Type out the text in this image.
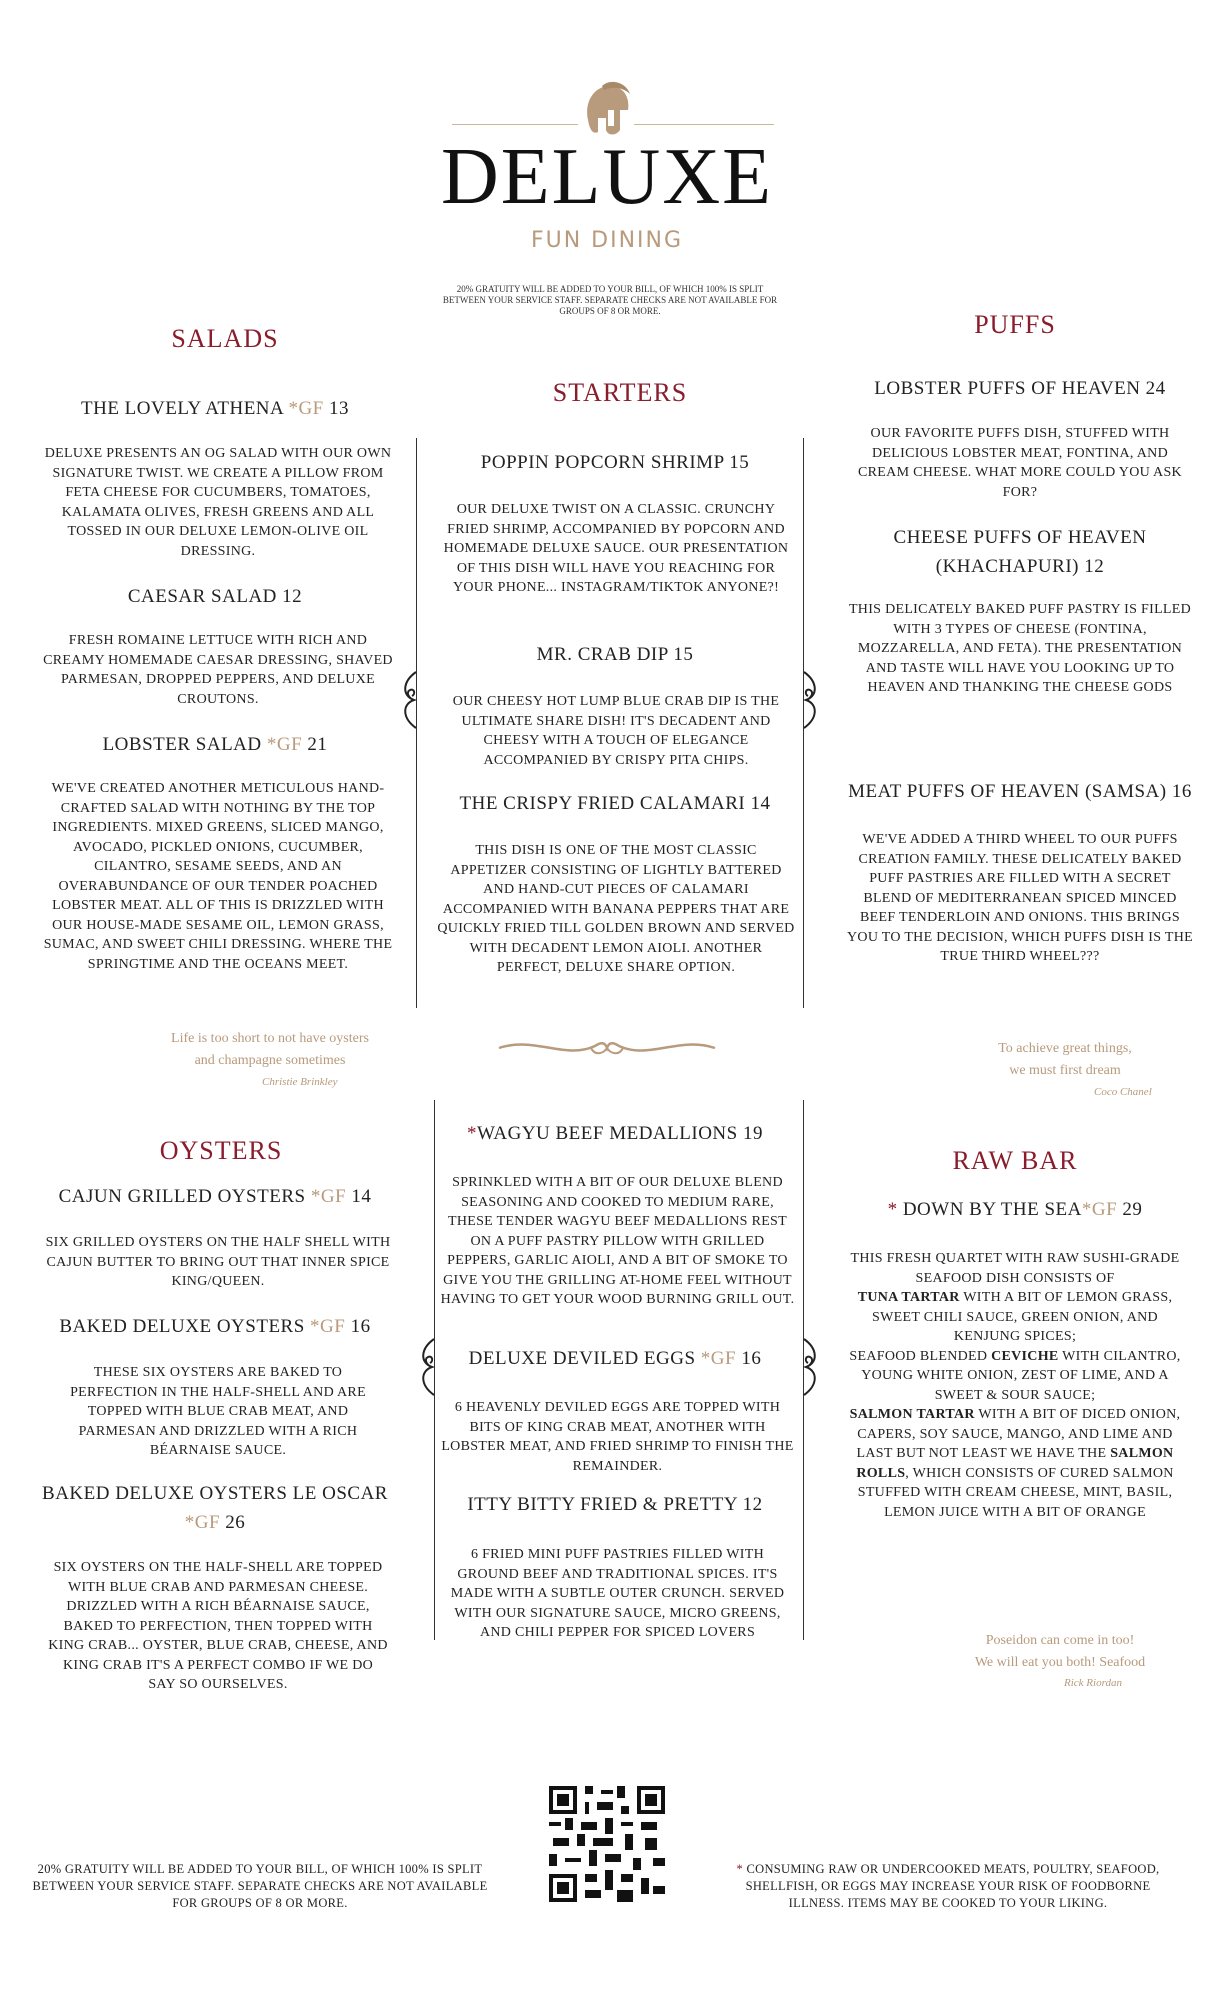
DELUXE
FUN DINING
20% GRATUITY WILL BE ADDED TO YOUR BILL, OF WHICH 100% IS SPLIT BETWEEN YOUR SERVICE STAFF. SEPARATE CHECKS ARE NOT AVAILABLE FOR GROUPS OF 8 OR MORE.
SALADS
THE LOVELY ATHENA *GF 13
DELUXE PRESENTS AN OG SALAD WITH OUR OWN SIGNATURE TWIST. WE CREATE A PILLOW FROM FETA CHEESE FOR CUCUMBERS, TOMATOES, KALAMATA OLIVES, FRESH GREENS AND ALL TOSSED IN OUR DELUXE LEMON-OLIVE OIL DRESSING.
CAESAR SALAD 12
FRESH ROMAINE LETTUCE WITH RICH AND CREAMY HOMEMADE CAESAR DRESSING, SHAVED PARMESAN, DROPPED PEPPERS, AND DELUXE CROUTONS.
LOBSTER SALAD *GF 21
WE'VE CREATED ANOTHER METICULOUS HAND-CRAFTED SALAD WITH NOTHING BY THE TOP INGREDIENTS. MIXED GREENS, SLICED MANGO, AVOCADO, PICKLED ONIONS, CUCUMBER, CILANTRO, SESAME SEEDS, AND AN OVERABUNDANCE OF OUR TENDER POACHED LOBSTER MEAT. ALL OF THIS IS DRIZZLED WITH OUR HOUSE-MADE SESAME OIL, LEMON GRASS, SUMAC, AND SWEET CHILI DRESSING. WHERE THE SPRINGTIME AND THE OCEANS MEET.
STARTERS
POPPIN POPCORN SHRIMP 15
OUR DELUXE TWIST ON A CLASSIC. CRUNCHY FRIED SHRIMP, ACCOMPANIED BY POPCORN AND HOMEMADE DELUXE SAUCE. OUR PRESENTATION OF THIS DISH WILL HAVE YOU REACHING FOR YOUR PHONE... INSTAGRAM/TIKTOK ANYONE?!
MR. CRAB DIP 15
OUR CHEESY HOT LUMP BLUE CRAB DIP IS THE ULTIMATE SHARE DISH! IT'S DECADENT AND CHEESY WITH A TOUCH OF ELEGANCE ACCOMPANIED BY CRISPY PITA CHIPS.
THE CRISPY FRIED CALAMARI 14
THIS DISH IS ONE OF THE MOST CLASSIC APPETIZER CONSISTING OF LIGHTLY BATTERED AND HAND-CUT PIECES OF CALAMARI ACCOMPANIED WITH BANANA PEPPERS THAT ARE QUICKLY FRIED TILL GOLDEN BROWN AND SERVED WITH DECADENT LEMON AIOLI. ANOTHER PERFECT, DELUXE SHARE OPTION.
PUFFS
LOBSTER PUFFS OF HEAVEN 24
OUR FAVORITE PUFFS DISH, STUFFED WITH DELICIOUS LOBSTER MEAT, FONTINA, AND CREAM CHEESE. WHAT MORE COULD YOU ASK FOR?
CHEESE PUFFS OF HEAVEN (KHACHAPURI) 12
THIS DELICATELY BAKED PUFF PASTRY IS FILLED WITH 3 TYPES OF CHEESE (FONTINA, MOZZARELLA, AND FETA). THE PRESENTATION AND TASTE WILL HAVE YOU LOOKING UP TO HEAVEN AND THANKING THE CHEESE GODS
MEAT PUFFS OF HEAVEN (SAMSA) 16
WE'VE ADDED A THIRD WHEEL TO OUR PUFFS CREATION FAMILY. THESE DELICATELY BAKED PUFF PASTRIES ARE FILLED WITH A SECRET BLEND OF MEDITERRANEAN SPICED MINCED BEEF TENDERLOIN AND ONIONS. THIS BRINGS YOU TO THE DECISION, WHICH PUFFS DISH IS THE TRUE THIRD WHEEL???
Life is too short to not have oysters
and champagne sometimes
Christie Brinkley
To achieve great things,
we must first dream
Coco Chanel
Poseidon can come in too!
We will eat you both! Seafood
Rick Riordan
OYSTERS
CAJUN GRILLED OYSTERS *GF 14
SIX GRILLED OYSTERS ON THE HALF SHELL WITH CAJUN BUTTER TO BRING OUT THAT INNER SPICE KING/QUEEN.
BAKED DELUXE OYSTERS *GF 16
THESE SIX OYSTERS ARE BAKED TO PERFECTION IN THE HALF-SHELL AND ARE TOPPED WITH BLUE CRAB MEAT, AND PARMESAN AND DRIZZLED WITH A RICH BÉARNAISE SAUCE.
BAKED DELUXE OYSTERS LE OSCAR *GF 26
SIX OYSTERS ON THE HALF-SHELL ARE TOPPED WITH BLUE CRAB AND PARMESAN CHEESE. DRIZZLED WITH A RICH BÉARNAISE SAUCE, BAKED TO PERFECTION, THEN TOPPED WITH KING CRAB... OYSTER, BLUE CRAB, CHEESE, AND KING CRAB IT'S A PERFECT COMBO IF WE DO SAY SO OURSELVES.
*WAGYU BEEF MEDALLIONS 19
SPRINKLED WITH A BIT OF OUR DELUXE BLEND SEASONING AND COOKED TO MEDIUM RARE, THESE TENDER WAGYU BEEF MEDALLIONS REST ON A PUFF PASTRY PILLOW WITH GRILLED PEPPERS, GARLIC AIOLI, AND A BIT OF SMOKE TO GIVE YOU THE GRILLING AT-HOME FEEL WITHOUT HAVING TO GET YOUR WOOD BURNING GRILL OUT.
DELUXE DEVILED EGGS *GF 16
6 HEAVENLY DEVILED EGGS ARE TOPPED WITH BITS OF KING CRAB MEAT, ANOTHER WITH LOBSTER MEAT, AND FRIED SHRIMP TO FINISH THE REMAINDER.
ITTY BITTY FRIED & PRETTY 12
6 FRIED MINI PUFF PASTRIES FILLED WITH GROUND BEEF AND TRADITIONAL SPICES. IT'S MADE WITH A SUBTLE OUTER CRUNCH. SERVED WITH OUR SIGNATURE SAUCE, MICRO GREENS, AND CHILI PEPPER FOR SPICED LOVERS
RAW BAR
* DOWN BY THE SEA*GF 29
THIS FRESH QUARTET WITH RAW SUSHI-GRADE SEAFOOD DISH CONSISTS OF
TUNA TARTAR WITH A BIT OF LEMON GRASS, SWEET CHILI SAUCE, GREEN ONION, AND KENJUNG SPICES;
SEAFOOD BLENDED CEVICHE WITH CILANTRO, YOUNG WHITE ONION, ZEST OF LIME, AND A SWEET & SOUR SAUCE;
SALMON TARTAR WITH A BIT OF DICED ONION, CAPERS, SOY SAUCE, MANGO, AND LIME AND LAST BUT NOT LEAST WE HAVE THE SALMON ROLLS, WHICH CONSISTS OF CURED SALMON STUFFED WITH CREAM CHEESE, MINT, BASIL, LEMON JUICE WITH A BIT OF ORANGE
20% GRATUITY WILL BE ADDED TO YOUR BILL, OF WHICH 100% IS SPLIT BETWEEN YOUR SERVICE STAFF. SEPARATE CHECKS ARE NOT AVAILABLE FOR GROUPS OF 8 OR MORE.
* CONSUMING RAW OR UNDERCOOKED MEATS, POULTRY, SEAFOOD, SHELLFISH, OR EGGS MAY INCREASE YOUR RISK OF FOODBORNE ILLNESS. ITEMS MAY BE COOKED TO YOUR LIKING.
